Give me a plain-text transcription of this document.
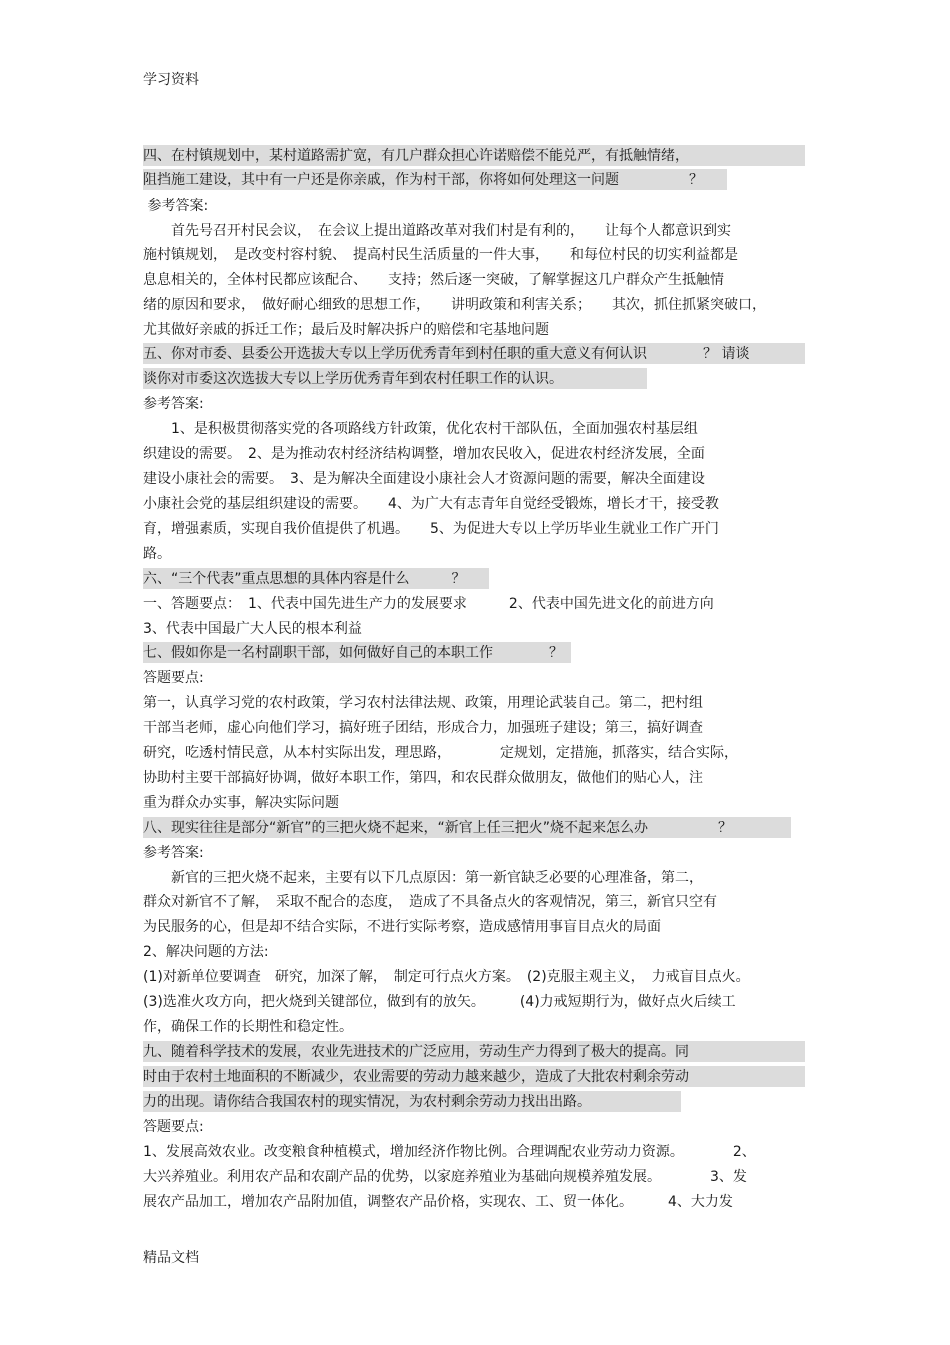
学习资料
四、在村镇规划中，某村道路需扩宽，有几户群众担心许诺赔偿不能兑严，有抵触情绪，
阻挡施工建设，其中有一户还是你亲戚，作为村干部，你将如何处理这一问题　　　　　？
参考答案:
　　首先号召开村民会议，　在会议上提出道路改革对我们村是有利的，　　让每个人都意识到实
施村镇规划，　是改变村容村貌、　提高村民生活质量的一件大事，　　和每位村民的切实利益都是
息息相关的，全体村民都应该配合、　　支持；然后逐一突破，了解掌握这几户群众产生抵触情
绪的原因和要求，　做好耐心细致的思想工作，　　讲明政策和利害关系；　　其次，抓住抓紧突破口，
尤其做好亲戚的拆迁工作；最后及时解决拆户的赔偿和宅基地问题
五、你对市委、县委公开选拔大专以上学历优秀青年到村任职的重大意义有何认识　　　　？ 请谈
谈你对市委这次选拔大专以上学历优秀青年到农村任职工作的认识。
参考答案:
　　1、是积极贯彻落实党的各项路线方针政策，优化农村干部队伍，全面加强农村基层组
织建设的需要。　2、是为推动农村经济结构调整，增加农民收入，促进农村经济发展，全面
建设小康社会的需要。　3、是为解决全面建设小康社会人才资源问题的需要，解决全面建设
小康社会党的基层组织建设的需要。　　4、为广大有志青年自觉经受锻炼，增长才干，接受教
育，增强素质，实现自我价值提供了机遇。　　5、为促进大专以上学历毕业生就业工作广开门
路。
六、“三个代表”重点思想的具体内容是什么　　　？
一、答题要点：　1、代表中国先进生产力的发展要求　　　2、代表中国先进文化的前进方向
3、代表中国最广大人民的根本利益
七、假如你是一名村副职干部，如何做好自己的本职工作　　　　？
答题要点:
第一，认真学习党的农村政策，学习农村法律法规、政策，用理论武装自己。第二，把村组
干部当老师，虚心向他们学习，搞好班子团结，形成合力，加强班子建设；第三，搞好调查
研究，吃透村情民意，从本村实际出发，理思路，　　　　定规划，定措施，抓落实，结合实际，
协助村主要干部搞好协调，做好本职工作，第四，和农民群众做朋友，做他们的贴心人，注
重为群众办实事，解决实际问题
八、现实往往是部分“新官”的三把火烧不起来，“新官上任三把火”烧不起来怎么办　　　　　？
参考答案:
　　新官的三把火烧不起来，主要有以下几点原因：第一新官缺乏必要的心理准备，第二，
群众对新官不了解，　采取不配合的态度，　造成了不具备点火的客观情况，第三，新官只空有
为民服务的心，但是却不结合实际，不进行实际考察，造成感情用事盲目点火的局面
2、解决问题的方法:
(1)对新单位要调查　研究，加深了解，　制定可行点火方案。　(2)克服主观主义，　力戒盲目点火。
(3)选准火攻方向，把火烧到关键部位，做到有的放矢。　　　(4)力戒短期行为，做好点火后续工
作，确保工作的长期性和稳定性。
九、随着科学技术的发展，农业先进技术的广泛应用，劳动生产力得到了极大的提高。同
时由于农村土地面积的不断减少，农业需要的劳动力越来越少，造成了大批农村剩余劳动
力的出现。请你结合我国农村的现实情况，为农村剩余劳动力找出出路。
答题要点:
1、发展高效农业。改变粮食种植模式，增加经济作物比例。合理调配农业劳动力资源。　　　　2、
大兴养殖业。利用农产品和农副产品的优势，以家庭养殖业为基础向规模养殖发展。　　　　3、发
展农产品加工，增加农产品附加值，调整农产品价格，实现农、工、贸一体化。　　　4、大力发
精品文档
